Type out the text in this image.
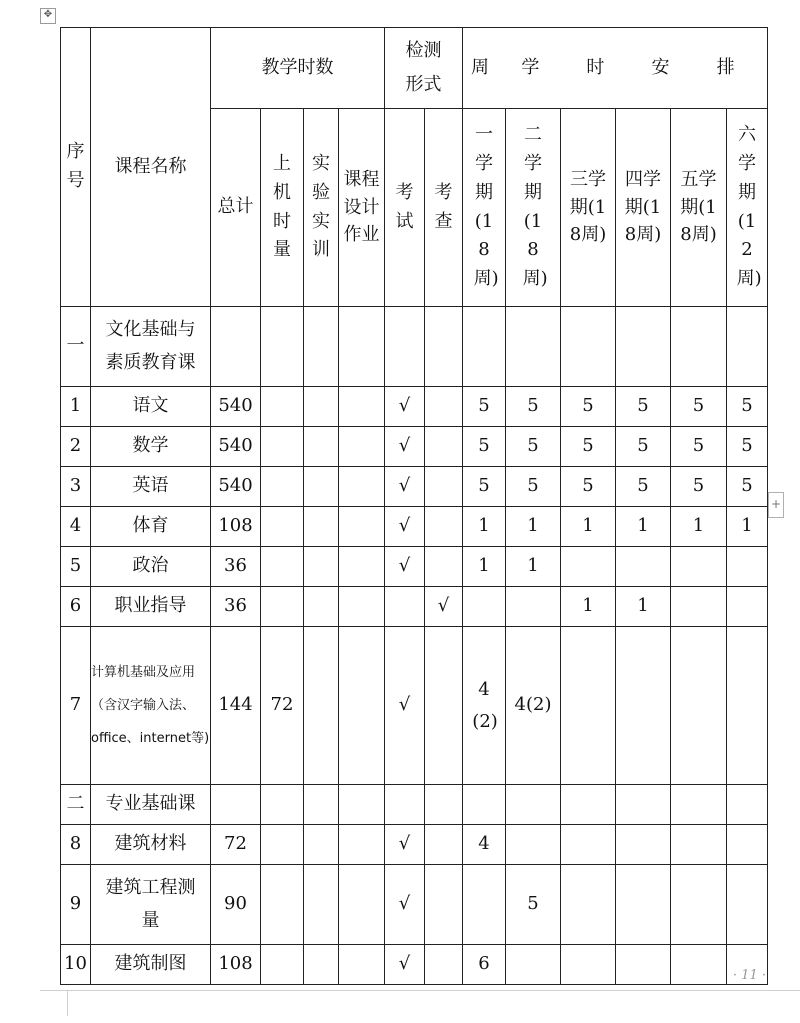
✥
序号	课程名称	教学时数				检测形式		周 学 时 安 排					
		总计	上机时量	实验实训	课程设计作业	考试	考查	一学期(18周)	二学期(18周)	三学期(18周)	四学期(18周)	五学期(18周)	六学期(12周)
一	文化基础与素质教育课												
1	语文	540				√		5	5	5	5	5	5
2	数学	540				√		5	5	5	5	5	5
3	英语	540				√		5	5	5	5	5	5
4	体育	108				√		1	1	1	1	1	1
5	政治	36				√		1	1				
6	职业指导	36					√			1	1		
7	计算机基础及应用（含汉字输入法、office、internet等)	144	72			√		4(2)	4(2)				
二	专业基础课												
8	建筑材料	72				√		4					
9	建筑工程测量	90				√			5				
10	建筑制图	108				√		6					
+
· 11 ·
